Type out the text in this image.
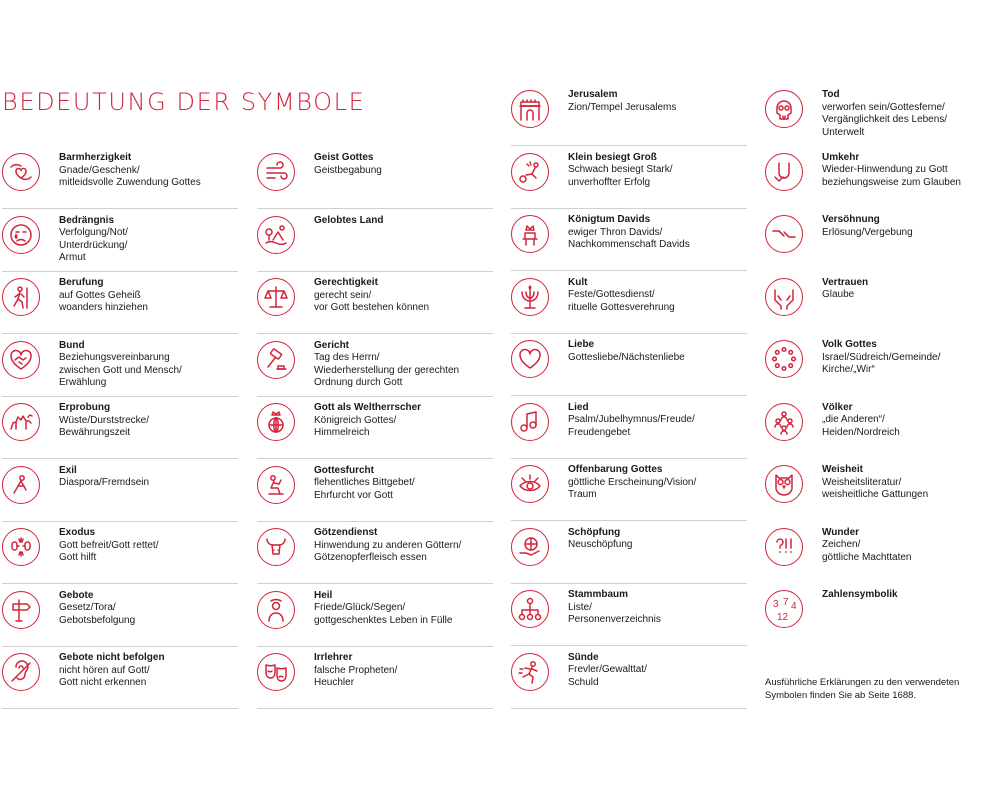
BEDEUTUNG DER SYMBOLE
Barmherzigkeit
Gnade/Geschenk/
mitleidsvolle Zuwendung Gottes
Bedrängnis
Verfolgung/Not/
Unterdrückung/
Armut
Berufung
auf Gottes Geheiß
woanders hinziehen
Bund
Beziehungsvereinbarung
zwischen Gott und Mensch/
Erwählung
Erprobung
Wüste/Durststrecke/
Bewährungszeit
Exil
Diaspora/Fremdsein
Exodus
Gott befreit/Gott rettet/
Gott hilft
Gebote
Gesetz/Tora/
Gebotsbefolgung
Gebote nicht befolgen
nicht hören auf Gott/
Gott nicht erkennen
Geist Gottes
Geistbegabung
Gelobtes Land
Gerechtigkeit
gerecht sein/
vor Gott bestehen können
Gericht
Tag des Herrn/
Wiederherstellung der gerechten
Ordnung durch Gott
Gott als Weltherrscher
Königreich Gottes/
Himmelreich
Gottesfurcht
flehentliches Bittgebet/
Ehrfurcht vor Gott
Götzendienst
Hinwendung zu anderen Göttern/
Götzenopferfleisch essen
Heil
Friede/Glück/Segen/
gottgeschenktes Leben in Fülle
Irrlehrer
falsche Propheten/
Heuchler
Jerusalem
Zion/Tempel Jerusalems
Klein besiegt Groß
Schwach besiegt Stark/
unverhoffter Erfolg
Königtum Davids
ewiger Thron Davids/
Nachkommenschaft Davids
Kult
Feste/Gottesdienst/
rituelle Gottesverehrung
Liebe
Gottesliebe/Nächstenliebe
Lied
Psalm/Jubelhymnus/Freude/
Freudengebet
Offenbarung Gottes
göttliche Erscheinung/Vision/
Traum
Schöpfung
Neuschöpfung
Stammbaum
Liste/
Personenverzeichnis
Sünde
Frevler/Gewalttat/
Schuld
Tod
verworfen sein/Gottesferne/
Vergänglichkeit des Lebens/
Unterwelt
Umkehr
Wieder-Hinwendung zu Gott
beziehungsweise zum Glauben
Versöhnung
Erlösung/Vergebung
Vertrauen
Glaube
Volk Gottes
Israel/Südreich/Gemeinde/
Kirche/„Wir“
Völker
„die Anderen“/
Heiden/Nordreich
Weisheit
Weisheitsliteratur/
weisheitliche Gattungen
Wunder
Zeichen/
göttliche Machttaten
3 7 4
12
Zahlensymbolik
Ausführliche Erklärungen zu den verwendeten
Symbolen finden Sie ab Seite 1688.
